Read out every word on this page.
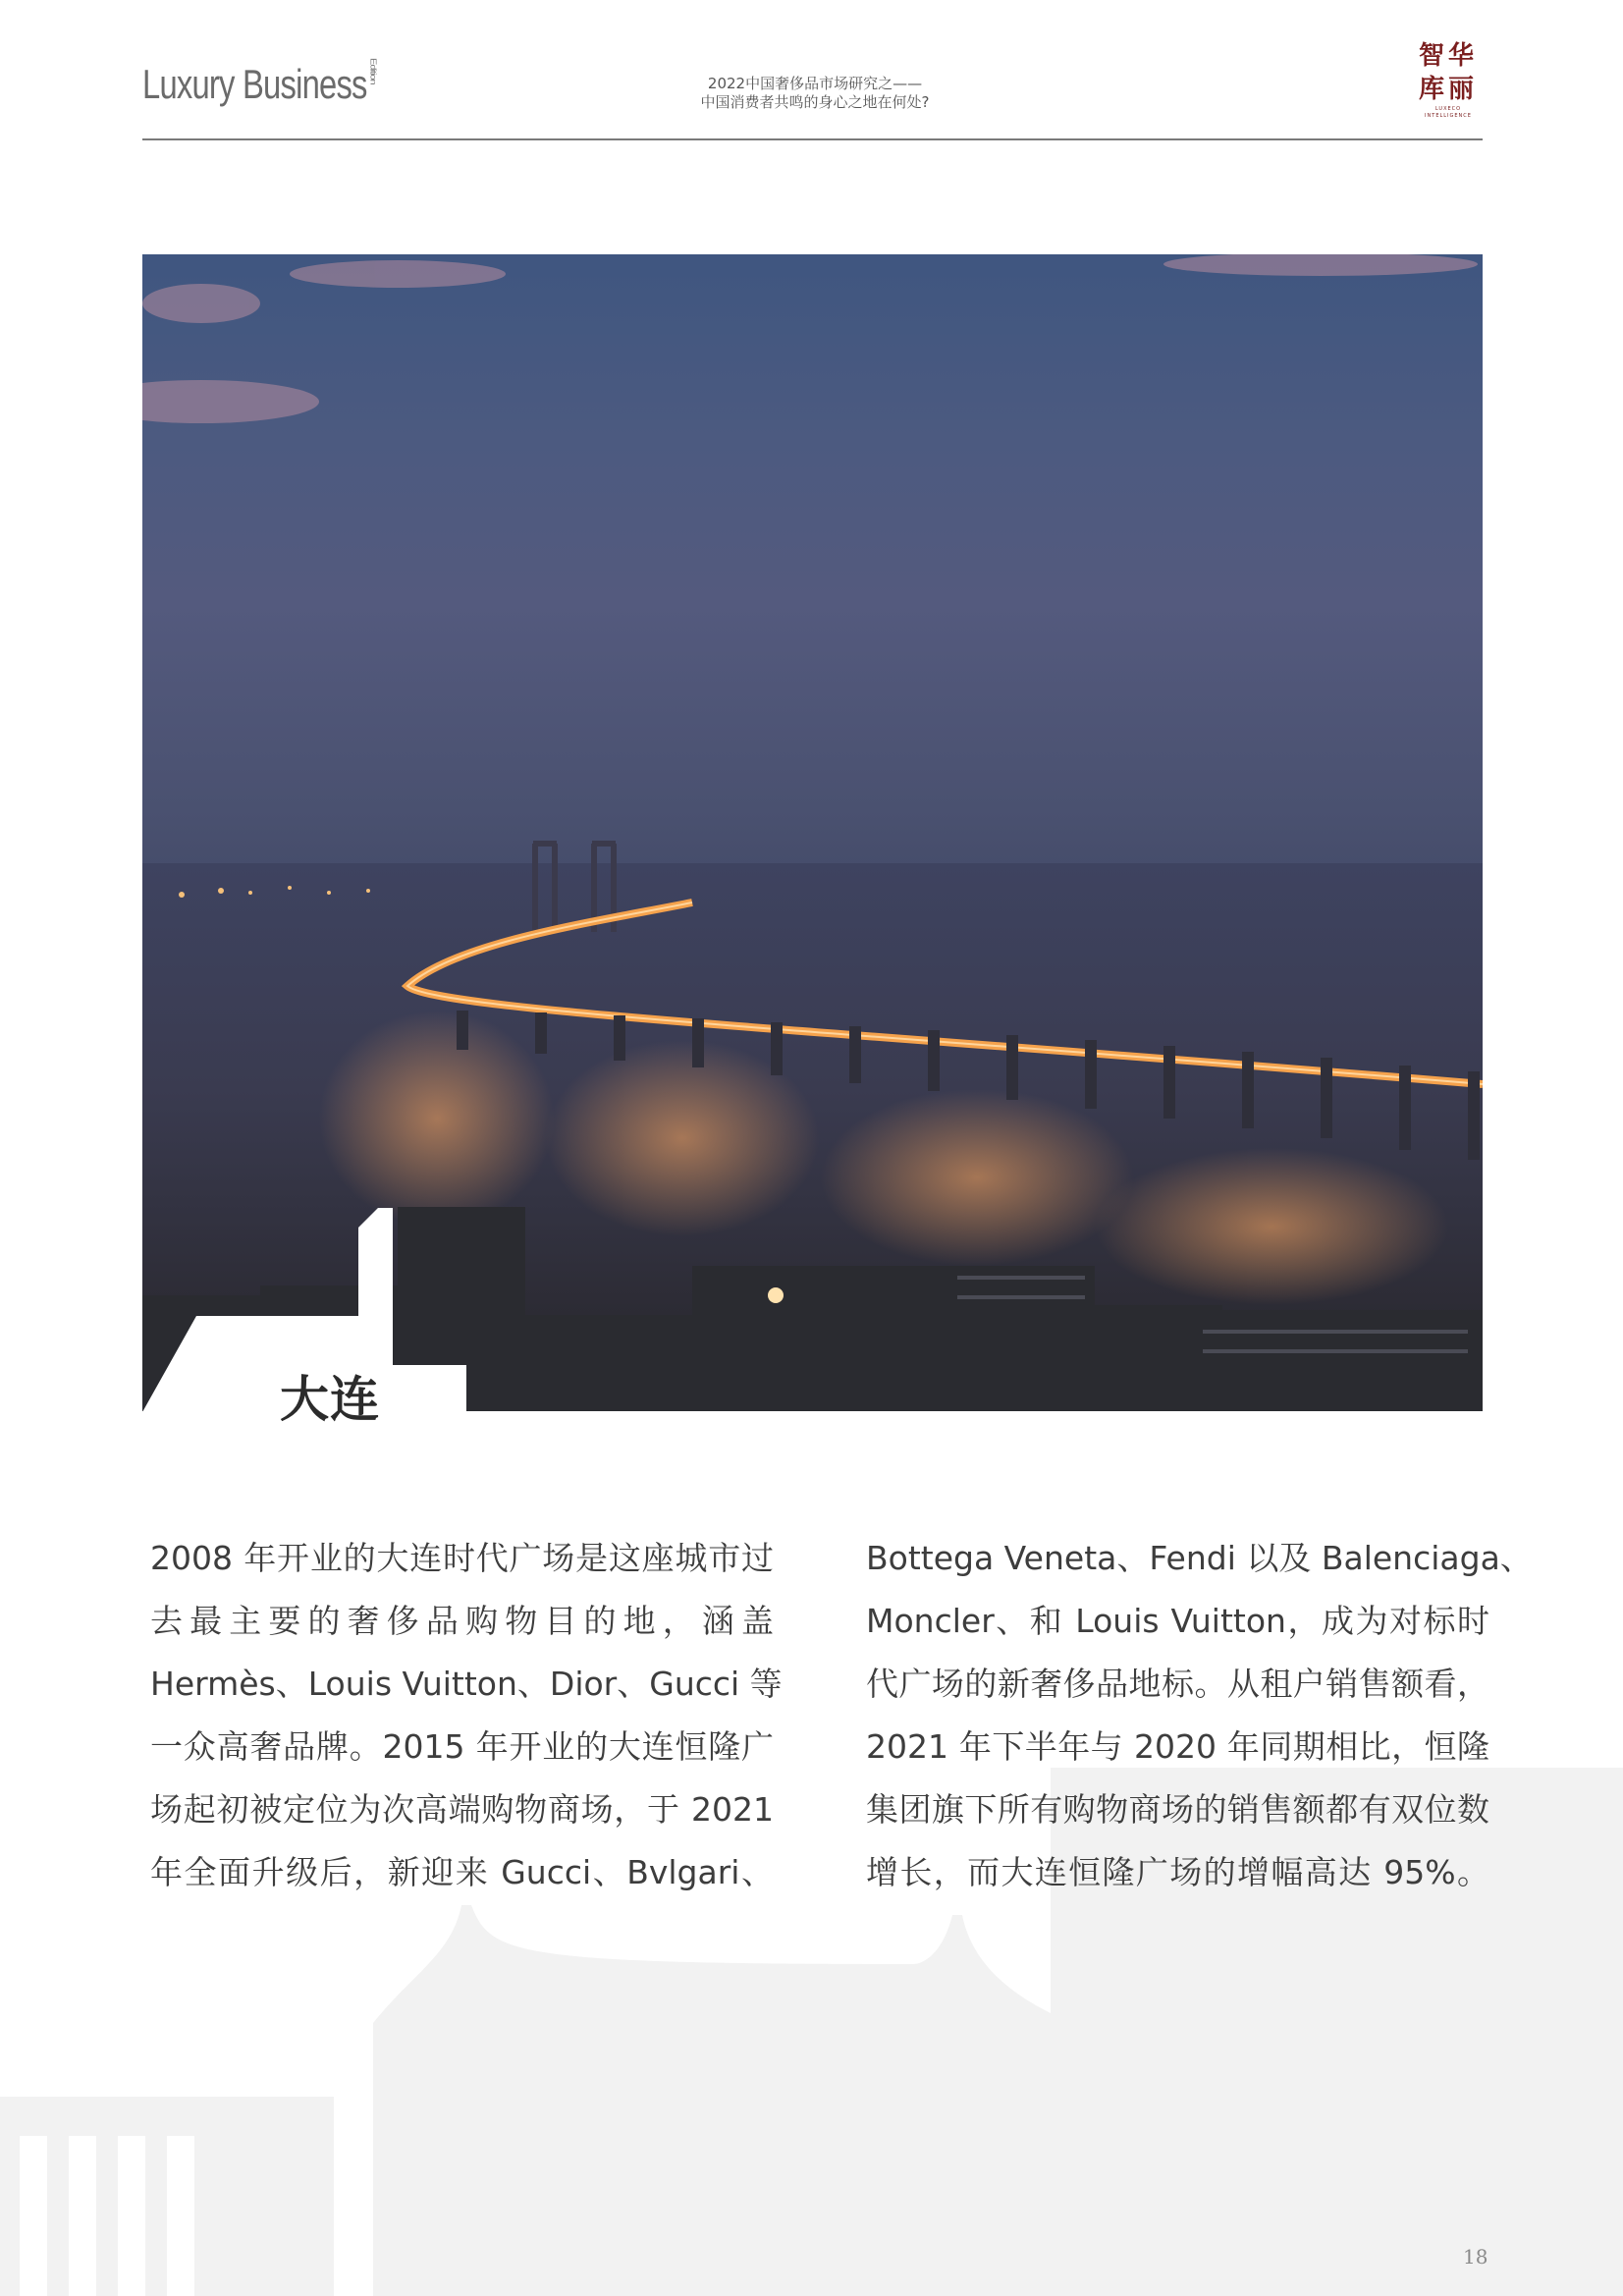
Luxury Business Edition	2022中国奢侈品市场研究之——
中国消费者共鸣的身心之地在何处?
智华
库丽
LUXECO INTELLIGENCE
大连
2008 年开业的大连时代广场是这座城市过
去最主要的奢侈品购物目的地，涵盖
Hermès、Louis Vuitton、Dior、Gucci 等
一众高奢品牌。2015 年开业的大连恒隆广
场起初被定位为次高端购物商场，于 2021
年全面升级后，新迎来 Gucci、Bvlgari、
Bottega Veneta、Fendi 以及 Balenciaga、
Moncler、和 Louis Vuitton，成为对标时
代广场的新奢侈品地标。从租户销售额看，
2021 年下半年与 2020 年同期相比，恒隆
集团旗下所有购物商场的销售额都有双位数
增长，而大连恒隆广场的增幅高达 95%。
18
